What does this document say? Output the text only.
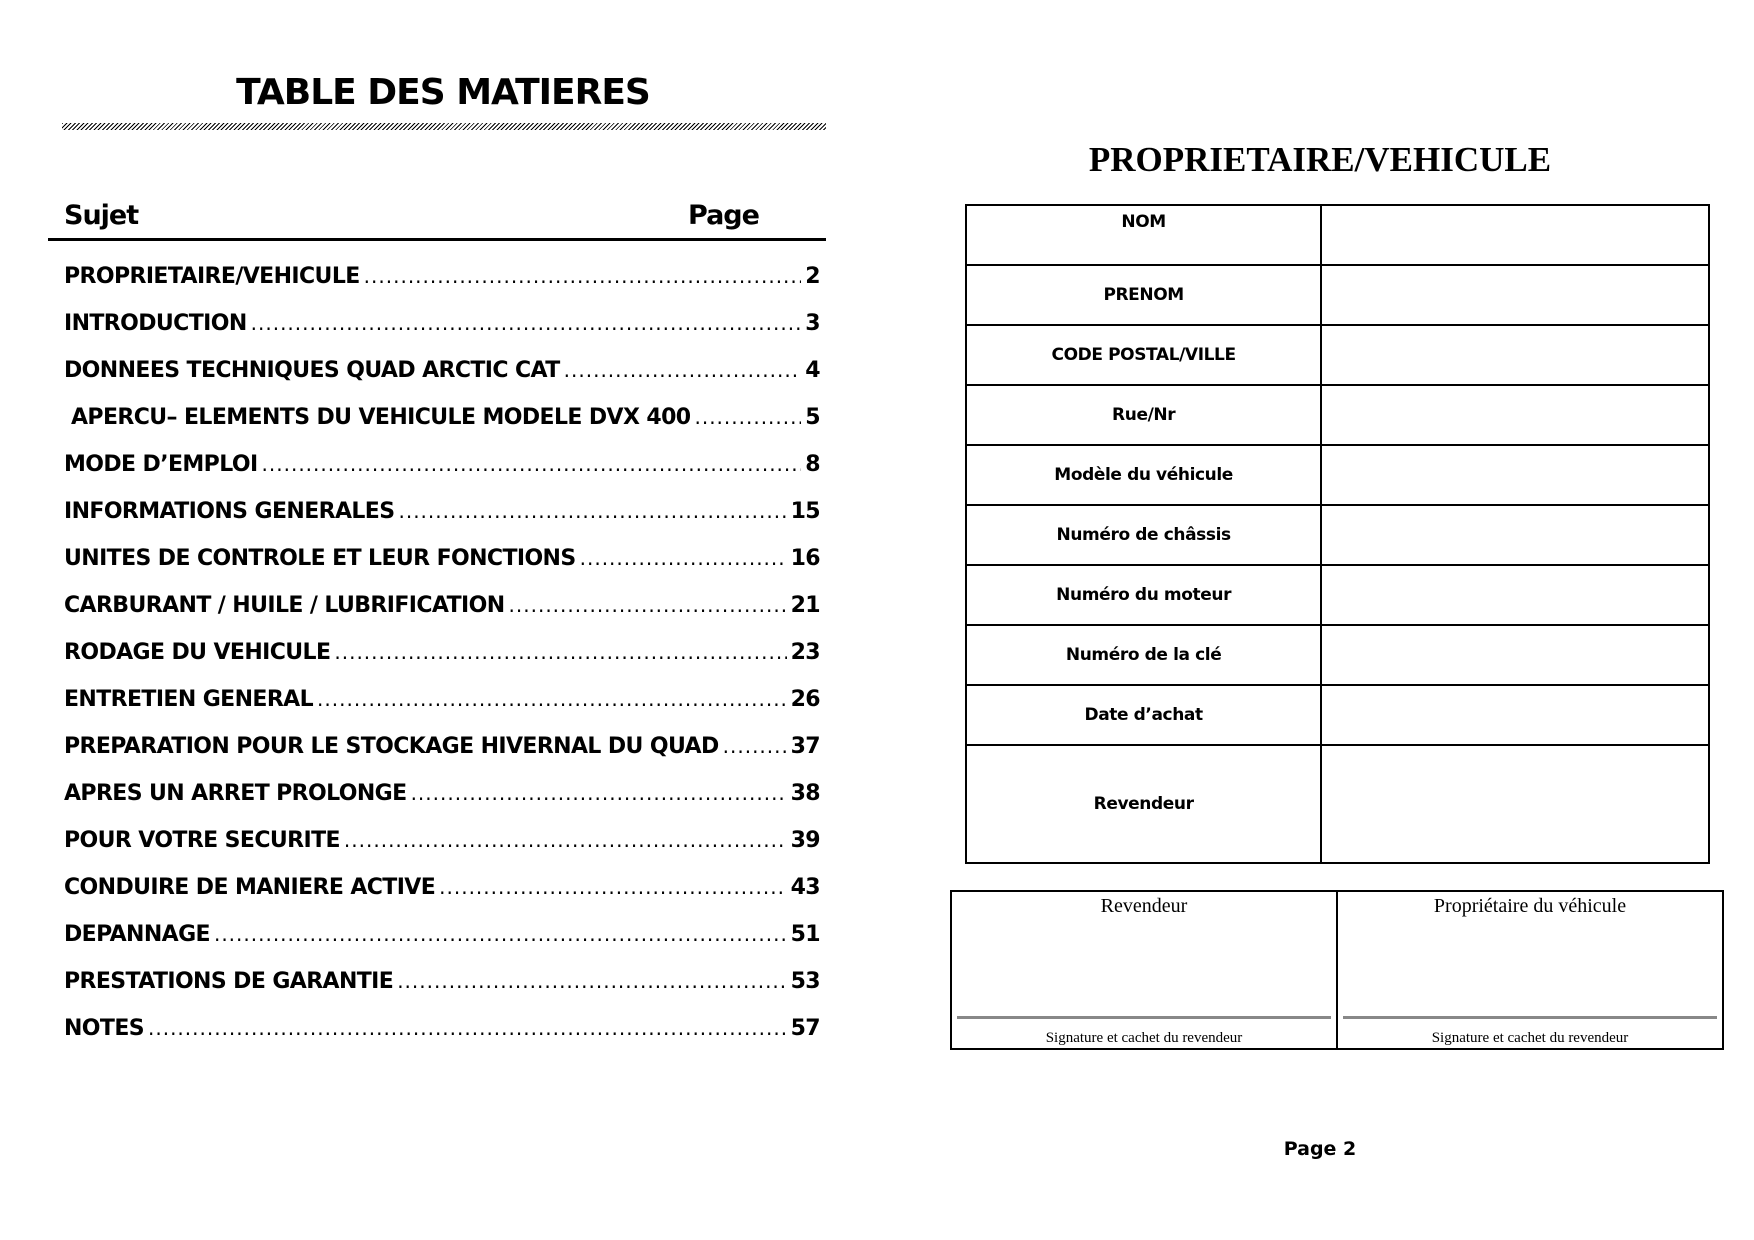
TABLE DES MATIERES
Sujet	Page
PROPRIETAIRE/VEHICULE .....	2
INTRODUCTION .....	3
DONNEES TECHNIQUES QUAD ARCTIC CAT .....	4
APERCU– ELEMENTS DU VEHICULE MODELE DVX 400 .....	5
MODE D’EMPLOI .....	8
INFORMATIONS GENERALES .....	15
UNITES DE CONTROLE ET LEUR FONCTIONS .....	16
CARBURANT / HUILE / LUBRIFICATION .....	21
RODAGE DU VEHICULE .....	23
ENTRETIEN GENERAL .....	26
PREPARATION POUR LE STOCKAGE HIVERNAL DU QUAD .....	37
APRES UN ARRET PROLONGE .....	38
POUR VOTRE SECURITE .....	39
CONDUIRE DE MANIERE ACTIVE .....	43
DEPANNAGE .....	51
PRESTATIONS DE GARANTIE .....	53
NOTES .....	57
PROPRIETAIRE/VEHICULE
NOM	
PRENOM	
CODE POSTAL/VILLE	
Rue/Nr	
Modèle du véhicule	
Numéro de châssis	
Numéro du moteur	
Numéro de la clé	
Date d’achat	
Revendeur	
Revendeur
Signature et cachet du revendeur

Propriétaire du véhicule
Signature et cachet du revendeur
Page 2
